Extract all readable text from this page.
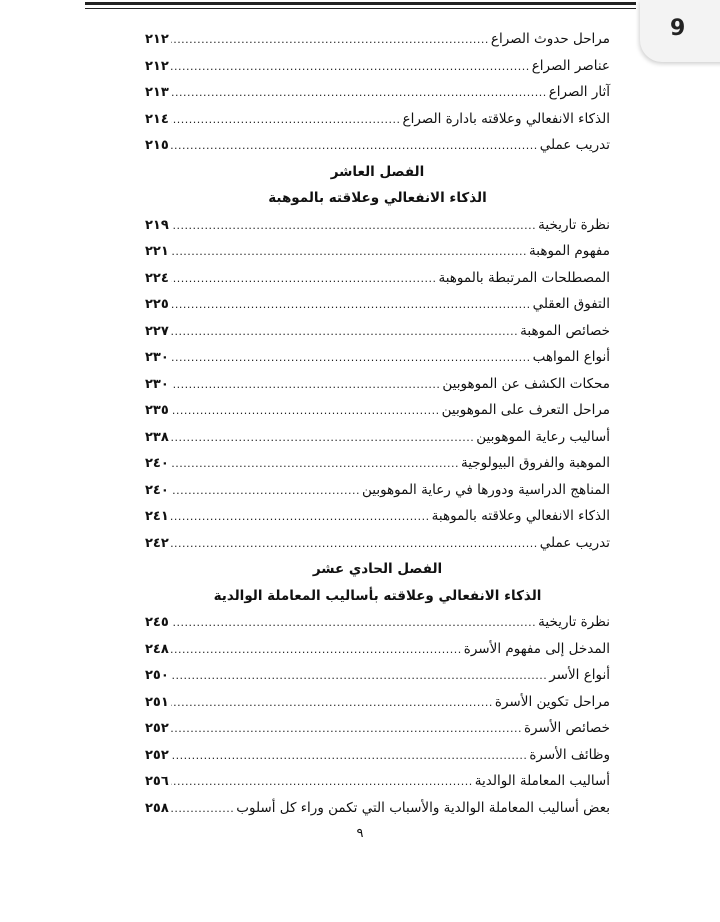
9
مراحل حدوث الصراع
.....
٢١٢
عناصر الصراع
.....
٢١٢
آثار الصراع
.....
٢١٣
الذكاء الانفعالي وعلاقته بادارة الصراع
.....
٢١٤
تدريب عملي
.....
٢١٥
الفصل العاشر
الذكاء الانفعالي وعلاقته بالموهبة
نظرة تاريخية
.....
٢١٩
مفهوم الموهبة
.....
٢٢١
المصطلحات المرتبطة بالموهبة
.....
٢٢٤
التفوق العقلي
.....
٢٢٥
خصائص الموهبة
.....
٢٢٧
أنواع المواهب
.....
٢٣٠
محكات الكشف عن الموهوبين
.....
٢٣٠
مراحل التعرف على الموهوبين
.....
٢٣٥
أساليب رعاية الموهوبين
.....
٢٣٨
الموهبة والفروق البيولوجية
.....
٢٤٠
المناهج الدراسية ودورها في رعاية الموهوبين
.....
٢٤٠
الذكاء الانفعالي وعلاقته بالموهبة
.....
٢٤١
تدريب عملي
.....
٢٤٢
الفصل الحادي عشر
الذكاء الانفعالي وعلاقته بأساليب المعاملة الوالدية
نظرة تاريخية
.....
٢٤٥
المدخل إلى مفهوم الأسرة
.....
٢٤٨
أنواع الأسر
.....
٢٥٠
مراحل تكوين الأسرة
.....
٢٥١
خصائص الأسرة
.....
٢٥٢
وظائف الأسرة
.....
٢٥٢
أساليب المعاملة الوالدية
.....
٢٥٦
بعض أساليب المعاملة الوالدية والأسباب التي تكمن وراء كل أسلوب
.....
٢٥٨
٩
